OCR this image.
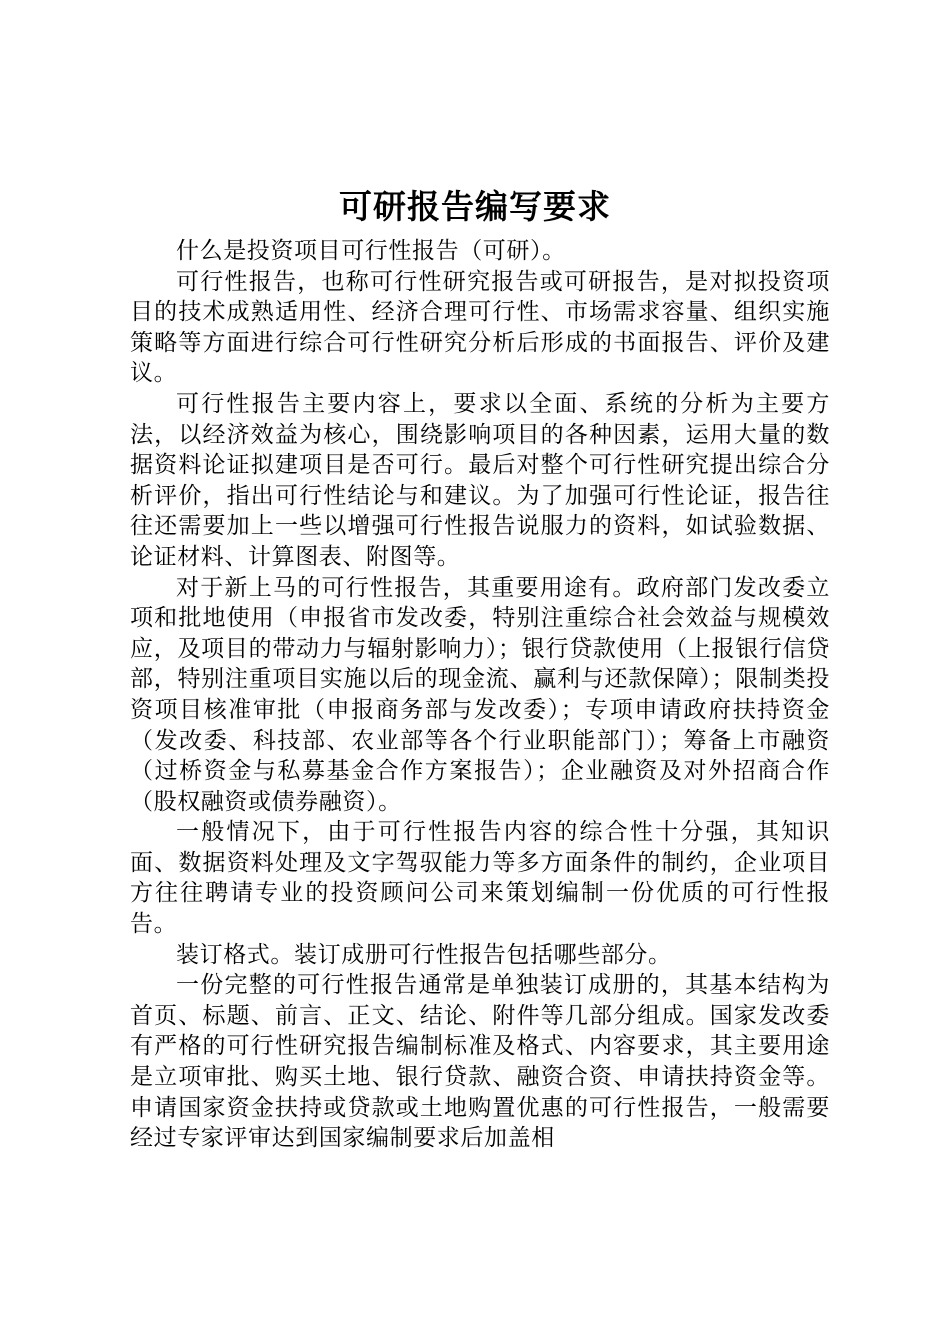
可研报告编写要求

什么是投资项目可行性报告（可研）。

可行性报告，也称可行性研究报告或可研报告，是对拟投资项目的技术成熟适用性、经济合理可行性、市场需求容量、组织实施策略等方面进行综合可行性研究分析后形成的书面报告、评价及建议。

可行性报告主要内容上，要求以全面、系统的分析为主要方法，以经济效益为核心，围绕影响项目的各种因素，运用大量的数据资料论证拟建项目是否可行。最后对整个可行性研究提出综合分析评价，指出可行性结论与和建议。为了加强可行性论证，报告往往还需要加上一些以增强可行性报告说服力的资料，如试验数据、论证材料、计算图表、附图等。

对于新上马的可行性报告，其重要用途有。政府部门发改委立项和批地使用（申报省市发改委，特别注重综合社会效益与规模效应，及项目的带动力与辐射影响力）；银行贷款使用（上报银行信贷部，特别注重项目实施以后的现金流、赢利与还款保障）；限制类投资项目核准审批（申报商务部与发改委）；专项申请政府扶持资金（发改委、科技部、农业部等各个行业职能部门）；筹备上市融资（过桥资金与私募基金合作方案报告）；企业融资及对外招商合作（股权融资或债券融资）。

一般情况下，由于可行性报告内容的综合性十分强，其知识面、数据资料处理及文字驾驭能力等多方面条件的制约，企业项目方往往聘请专业的投资顾问公司来策划编制一份优质的可行性报告。

装订格式。装订成册可行性报告包括哪些部分。

一份完整的可行性报告通常是单独装订成册的，其基本结构为首页、标题、前言、正文、结论、附件等几部分组成。国家发改委有严格的可行性研究报告编制标准及格式、内容要求，其主要用途是立项审批、购买土地、银行贷款、融资合资、申请扶持资金等。申请国家资金扶持或贷款或土地购置优惠的可行性报告，一般需要经过专家评审达到国家编制要求后加盖相
